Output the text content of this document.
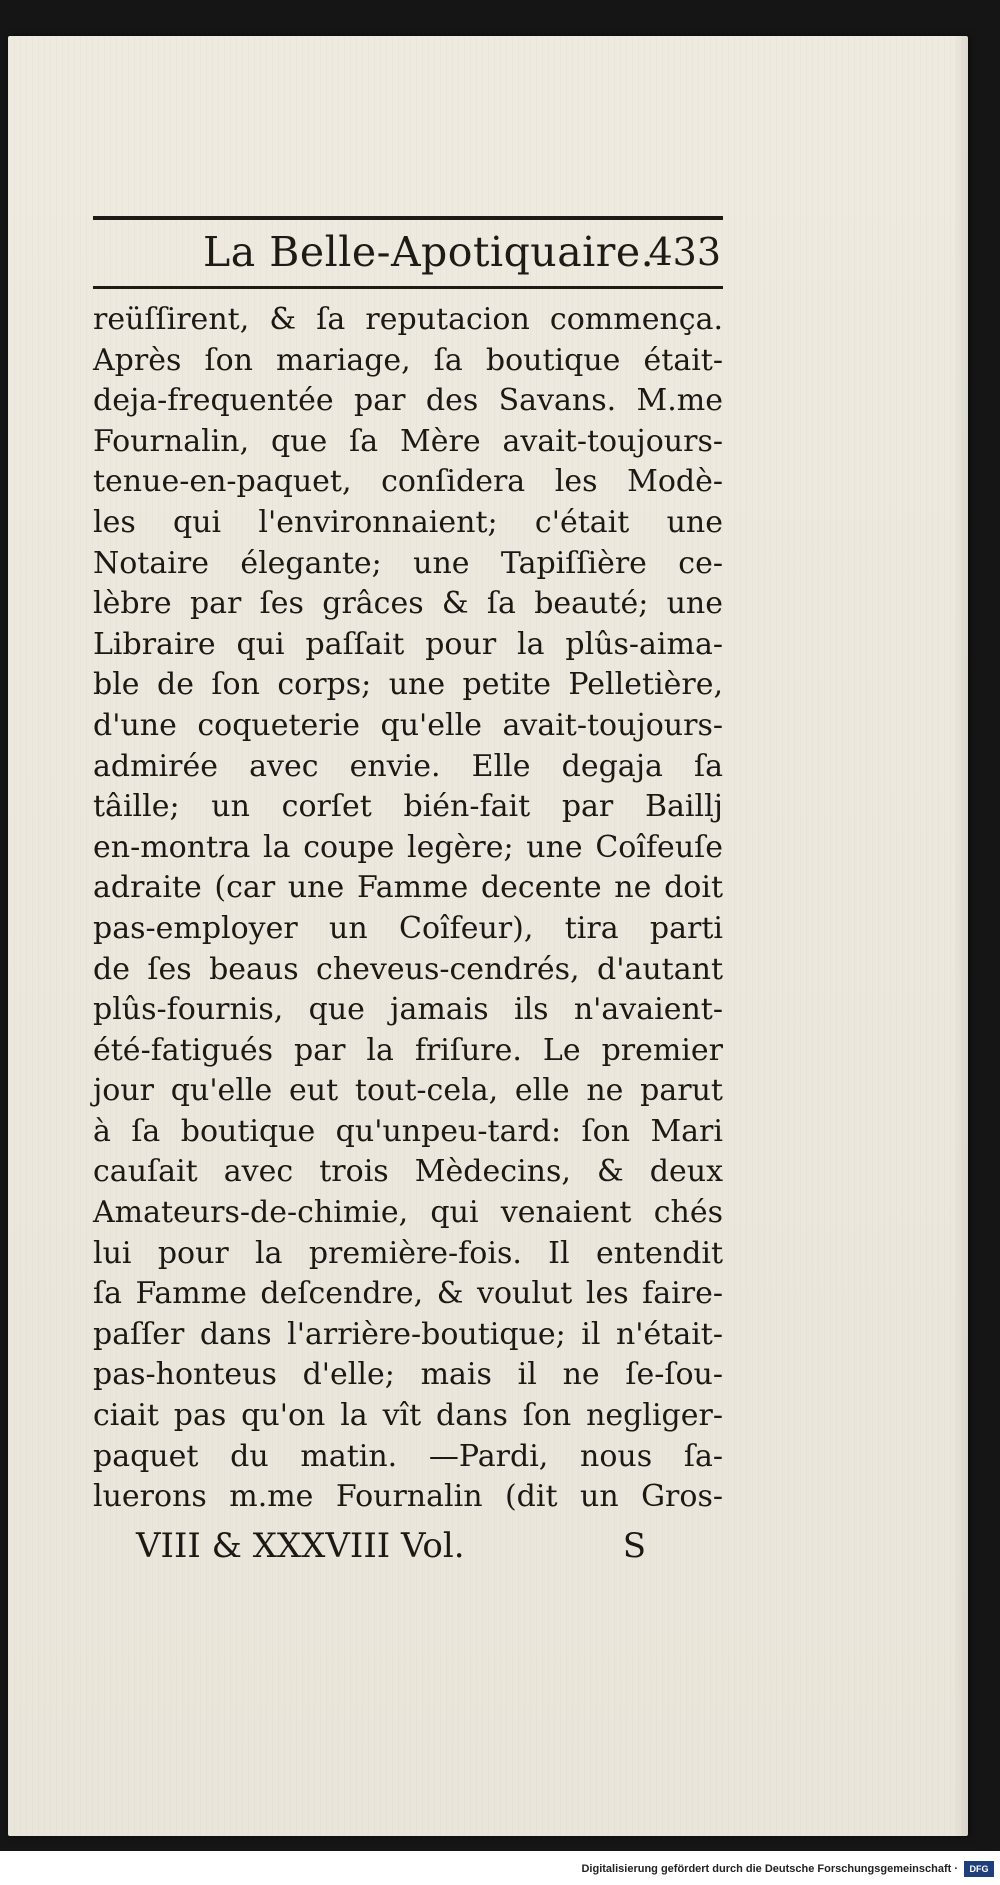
La Belle-Apotiquaire.
433
reüſſirent, & ſa reputacion commença.
Après ſon mariage, ſa boutique était-
deja-frequentée par des Savans. M.me
Fournalin, que ſa Mère avait-toujours-
tenue-en-paquet, conſidera les Modè-
les qui l'environnaient; c'était une
Notaire élegante; une Tapiſſière ce-
lèbre par ſes grâces & ſa beauté; une
Libraire qui paſſait pour la plûs-aima-
ble de ſon corps; une petite Pelletière,
d'une coqueterie qu'elle avait-toujours-
admirée avec envie. Elle degaja ſa
tâille; un corſet bién-fait par Baillj
en-montra la coupe legère; une Coîfeuſe
adraite (car une Famme decente ne doit
pas-employer un Coîfeur), tira parti
de ſes beaus cheveus-cendrés, d'autant
plûs-fournis, que jamais ils n'avaient-
été-fatigués par la friſure. Le premier
jour qu'elle eut tout-cela, elle ne parut
à ſa boutique qu'unpeu-tard: ſon Mari
cauſait avec trois Mèdecins, & deux
Amateurs-de-chimie, qui venaient chés
lui pour la première-fois. Il entendit
ſa Famme deſcendre, & voulut les faire-
paſſer dans l'arrière-boutique; il n'était-
pas-honteus d'elle; mais il ne ſe-ſou-
ciait pas qu'on la vît dans ſon negliger-
paquet du matin. —Pardi, nous ſa-
luerons m.me Fournalin (dit un Gros-
VIII & XXXVIII Vol.	S
Digitalisierung gefördert durch die Deutsche Forschungsgemeinschaft ·	DFG
